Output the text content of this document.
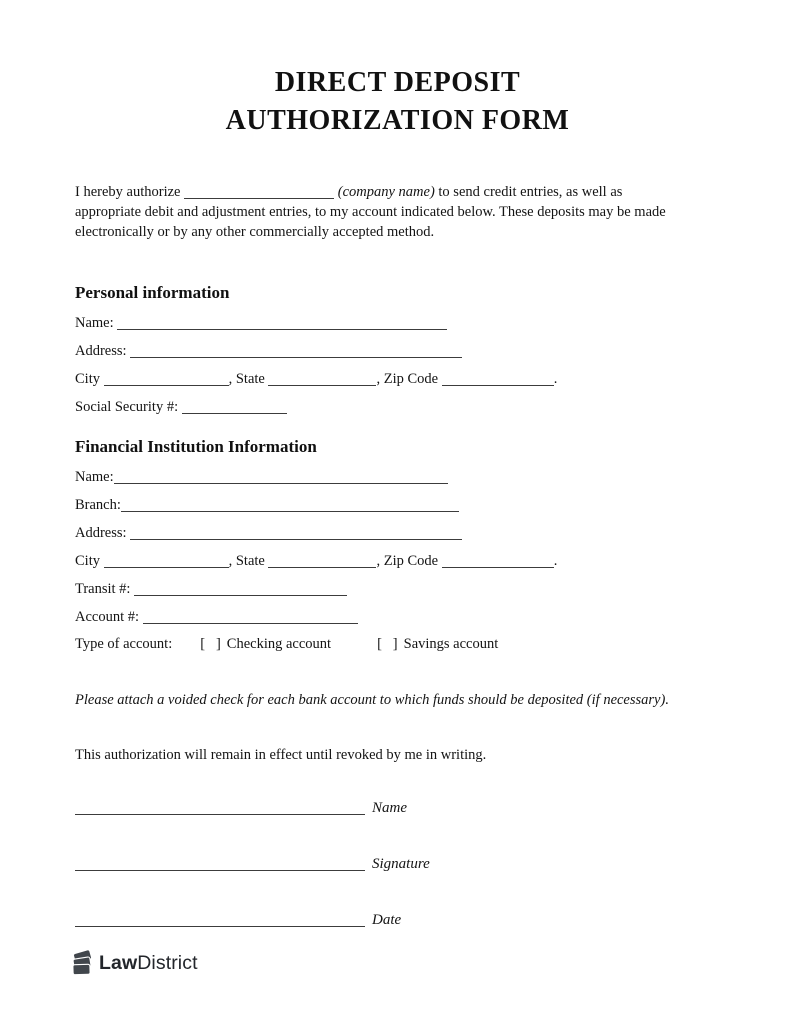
DIRECT DEPOSIT
AUTHORIZATION FORM

I hereby authorize	(company name) to send credit entries, as well as
appropriate debit and adjustment entries, to my account indicated below. These deposits may be made
electronically or by any other commercially accepted method.

Personal information
Name:
Address:
City	, State	, Zip Code	.
Social Security #:
Financial Institution Information
Name:
Branch:
Address:
City	, State	, Zip Code	.
Transit #:
Account #:
Type of account: [   ] Checking account	[   ] Savings account

Please attach a voided check for each bank account to which funds should be deposited (if necessary).

This authorization will remain in effect until revoked by me in writing.

Name
Signature
Date
LawDistrict
